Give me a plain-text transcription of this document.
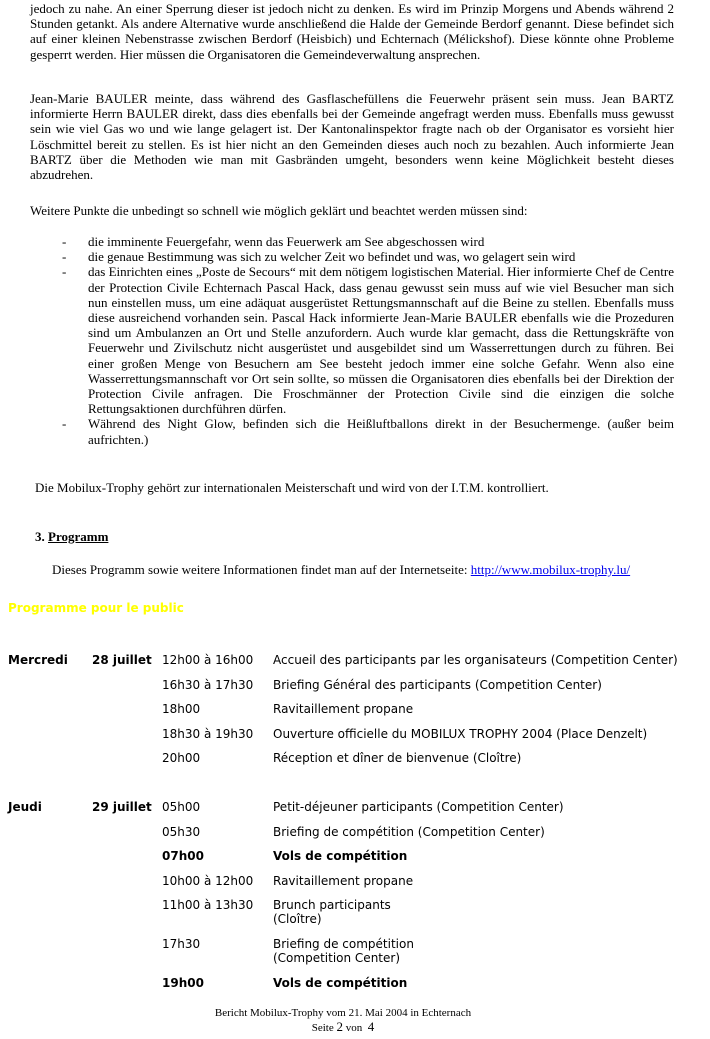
jedoch zu nahe. An einer Sperrung dieser ist jedoch nicht zu denken. Es wird im Prinzip Morgens und Abends während 2 Stunden getankt. Als andere Alternative wurde anschließend die Halde der Gemeinde Berdorf genannt. Diese befindet sich auf einer kleinen Nebenstrasse zwischen Berdorf (Heisbich) und Echternach (Mélickshof). Diese könnte ohne Probleme gesperrt werden. Hier müssen die Organisatoren die Gemeindeverwaltung ansprechen.
Jean-Marie BAULER meinte, dass während des Gasflaschefüllens die Feuerwehr präsent sein muss. Jean BARTZ informierte Herrn BAULER direkt, dass dies ebenfalls bei der Gemeinde angefragt werden muss. Ebenfalls muss gewusst sein wie viel Gas wo und wie lange gelagert ist. Der Kantonalinspektor fragte nach ob der Organisator es vorsieht hier Löschmittel bereit zu stellen. Es ist hier nicht an den Gemeinden dieses auch noch zu bezahlen. Auch informierte Jean BARTZ über die Methoden wie man mit Gasbränden umgeht, besonders wenn keine Möglichkeit besteht dieses abzudrehen.
Weitere Punkte die unbedingt so schnell wie möglich geklärt und beachtet werden müssen sind:
- die imminente Feuergefahr, wenn das Feuerwerk am See abgeschossen wird
- die genaue Bestimmung was sich zu welcher Zeit wo befindet und was, wo gelagert sein wird
- das Einrichten eines „Poste de Secours“ mit dem nötigem logistischen Material. Hier informierte Chef de Centre der Protection Civile Echternach Pascal Hack, dass genau gewusst sein muss auf wie viel Besucher man sich nun einstellen muss, um eine adäquat ausgerüstet Rettungsmannschaft auf die Beine zu stellen. Ebenfalls muss diese ausreichend vorhanden sein. Pascal Hack informierte Jean-Marie BAULER ebenfalls wie die Prozeduren sind um Ambulanzen an Ort und Stelle anzufordern. Auch wurde klar gemacht, dass die Rettungskräfte von Feuerwehr und Zivilschutz nicht ausgerüstet und ausgebildet sind um Wasserrettungen durch zu führen. Bei einer großen Menge von Besuchern am See besteht jedoch immer eine solche Gefahr. Wenn also eine Wasserrettungsmannschaft vor Ort sein sollte, so müssen die Organisatoren dies ebenfalls bei der Direktion der Protection Civile anfragen. Die Froschmänner der Protection Civile sind die einzigen die solche Rettungsaktionen durchführen dürfen.
- Während des Night Glow, befinden sich die Heißluftballons direkt in der Besuchermenge. (außer beim aufrichten.)
Die Mobilux-Trophy gehört zur internationalen Meisterschaft und wird von der I.T.M. kontrolliert.
3. Programm
Dieses Programm sowie weitere Informationen findet man auf der Internetseite: http://www.mobilux-trophy.lu/
Programme pour le public
Mercredi 28 juillet 12h00 à 16h00 Accueil des participants par les organisateurs (Competition Center)
16h30 à 17h30 Briefing Général des participants (Competition Center)
18h00	Ravitaillement propane
18h30 à 19h30 Ouverture officielle du MOBILUX TROPHY 2004 (Place Denzelt)
20h00	Réception et dîner de bienvenue (Cloître)
Jeudi	29 juillet 05h00	Petit-déjeuner participants (Competition Center)
05h30	Briefing de compétition (Competition Center)
07h00	Vols de compétition
10h00 à 12h00 Ravitaillement propane
11h00 à 13h30 Brunch participants
(Cloître)
17h30	Briefing de compétition
(Competition Center)
19h00	Vols de compétition
Bericht Mobilux-Trophy vom 21. Mai 2004 in Echternach
Seite 2 von  4
